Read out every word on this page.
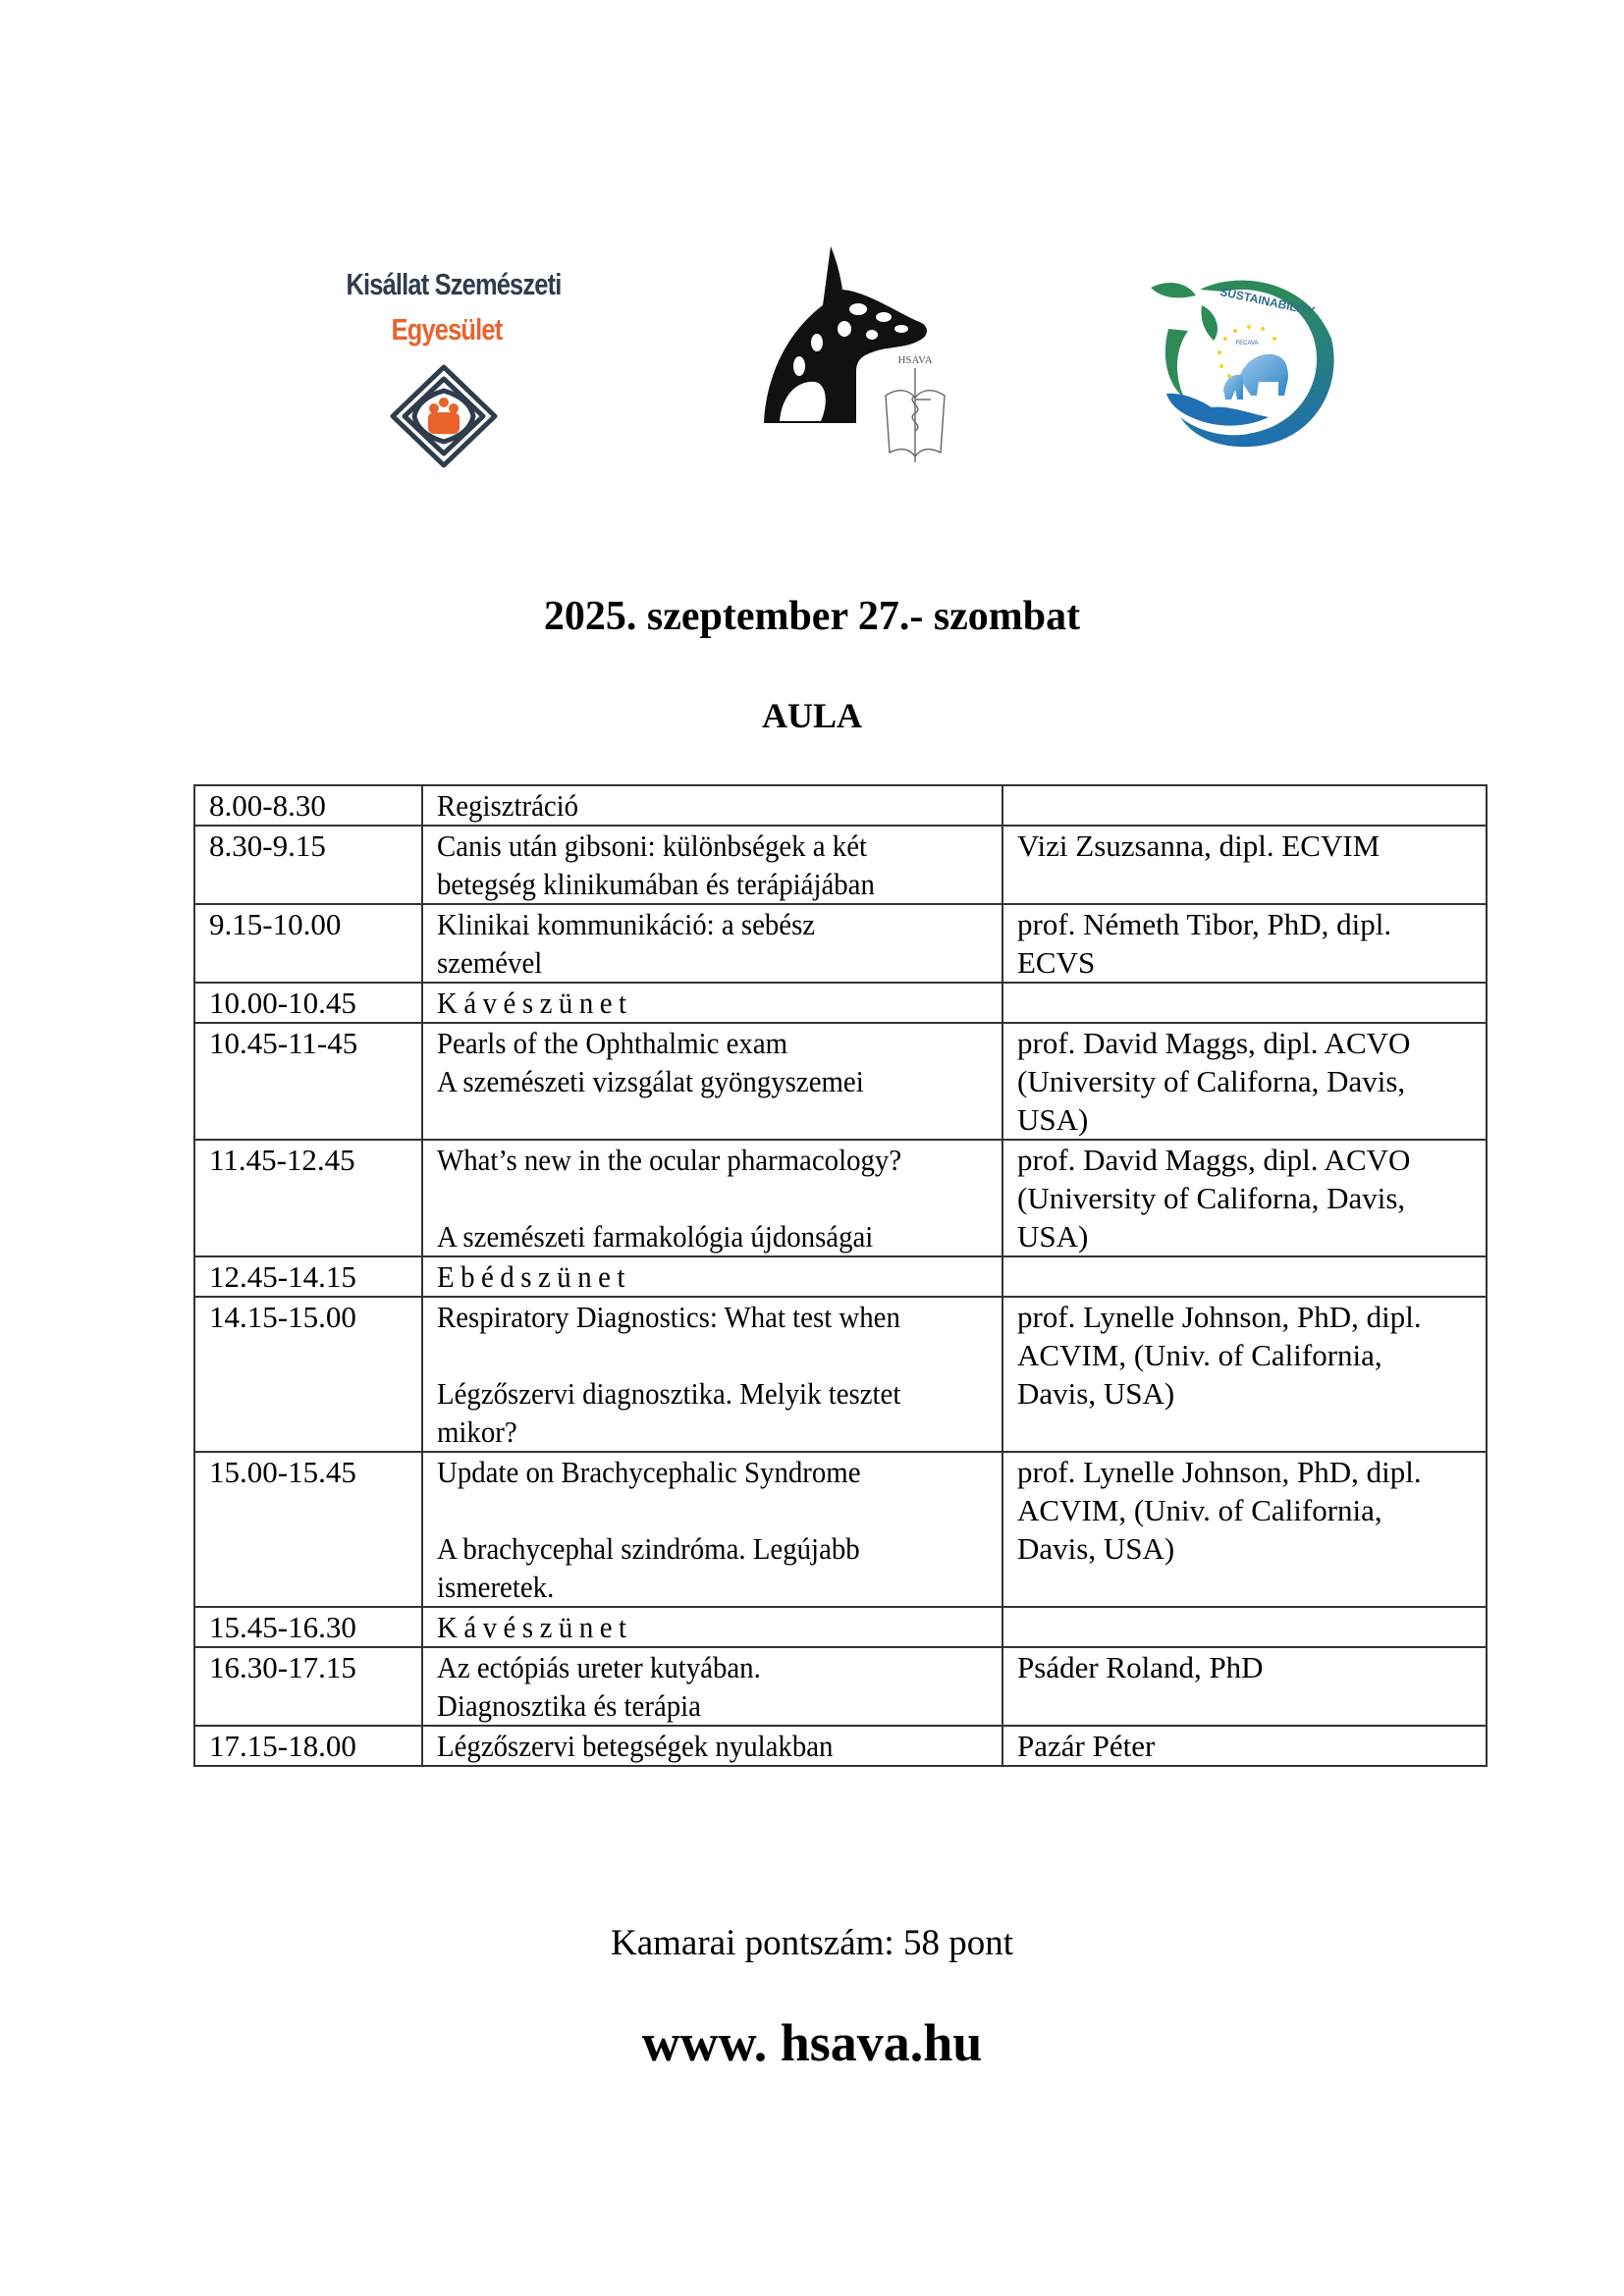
Kisállat Szemészeti
Egyesület
HSAVA
SUSTAINABILITY
FECAVA
2025. szeptember 27.- szombat
AULA
8.00-8.30	Regisztráció	

8.30-9.15	Canis után gibsoni: különbségek a két
betegség klinikumában és terápiájában	Vizi Zsuzsanna, dipl. ECVIM

9.15-10.00	Klinikai kommunikáció: a sebész
szemével	prof. Németh Tibor, PhD, dipl.
ECVS

10.00-10.45	Kávészünet	

10.45-11-45	Pearls of the Ophthalmic exam
A szemészeti vizsgálat gyöngyszemei	prof. David Maggs, dipl. ACVO
(University of Californa, Davis,
USA)

11.45-12.45	What’s new in the ocular pharmacology?
A szemészeti farmakológia újdonságai	prof. David Maggs, dipl. ACVO
(University of Californa, Davis,
USA)

12.45-14.15	Ebédszünet	

14.15-15.00	Respiratory Diagnostics: What test when
Légzőszervi diagnosztika. Melyik tesztet
mikor?	prof. Lynelle Johnson, PhD, dipl.
ACVIM, (Univ. of California,
Davis, USA)

15.00-15.45	Update on Brachycephalic Syndrome
A brachycephal szindróma. Legújabb
ismeretek.	prof. Lynelle Johnson, PhD, dipl.
ACVIM, (Univ. of California,
Davis, USA)

15.45-16.30	Kávészünet	

16.30-17.15	Az ectópiás ureter kutyában.
Diagnosztika és terápia	Psáder Roland, PhD

17.15-18.00	Légzőszervi betegségek nyulakban	Pazár Péter
Kamarai pontszám: 58 pont
www. hsava.hu
